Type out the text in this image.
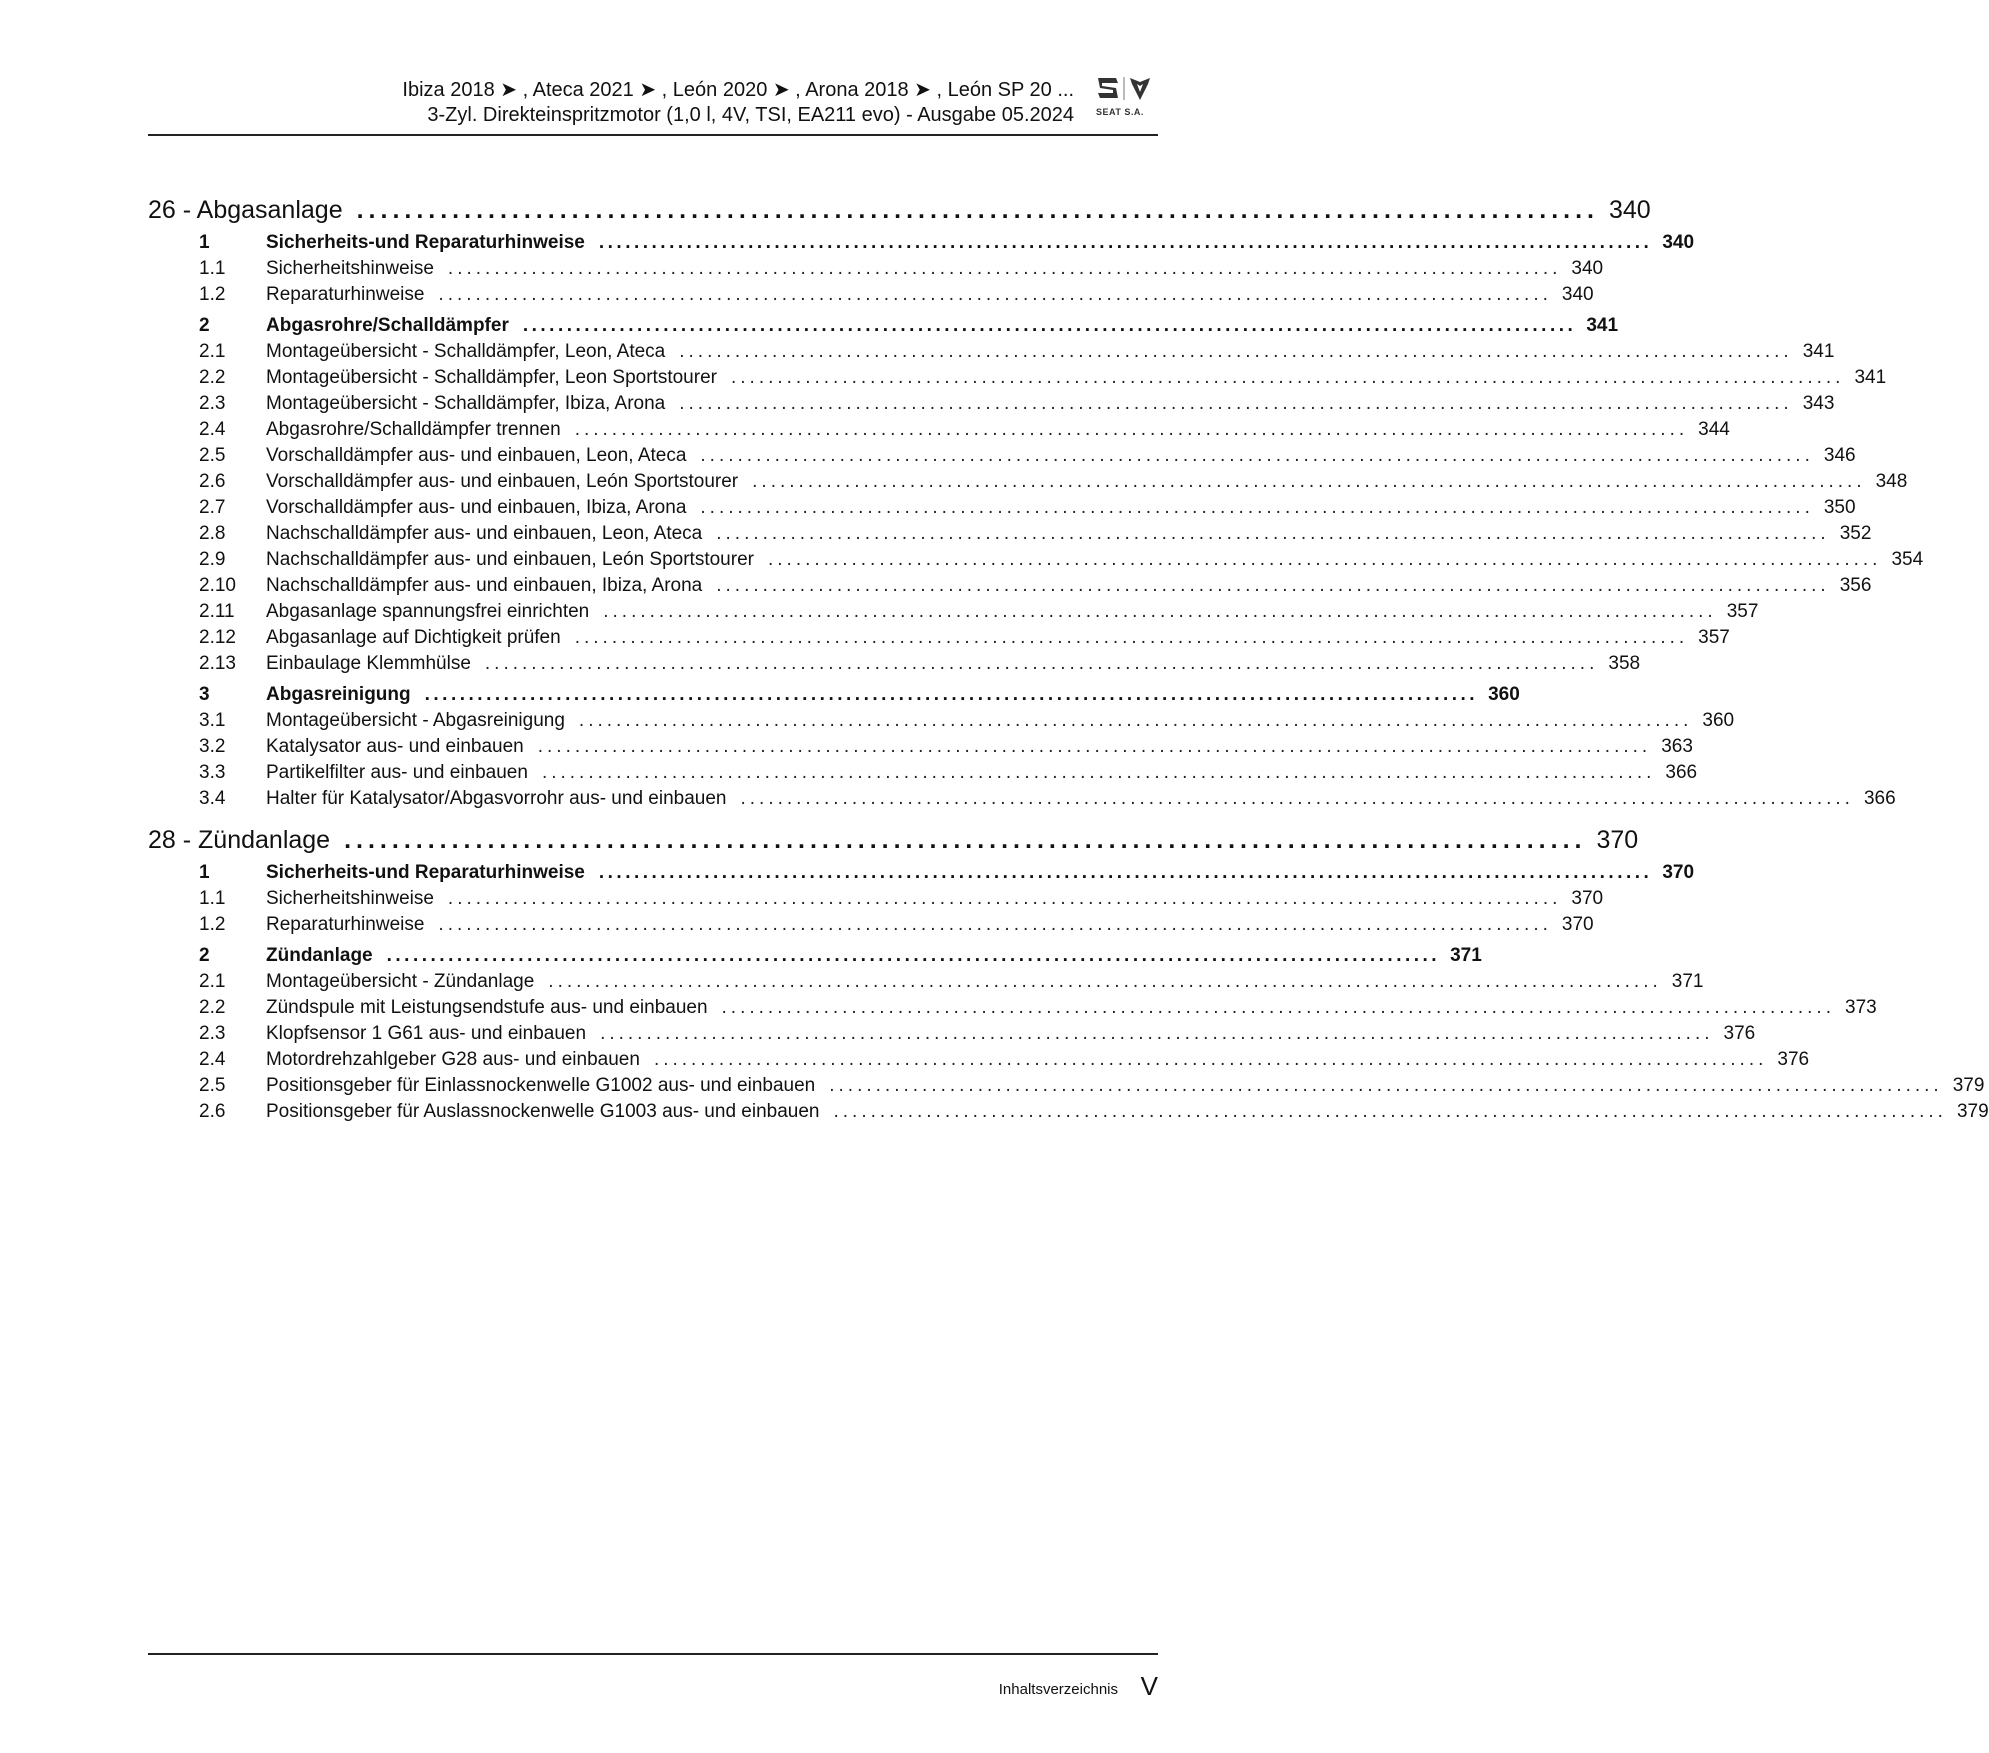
Ibiza 2018 ➤ , Ateca 2021 ➤ , León 2020 ➤ , Arona 2018 ➤ , León SP 20 ...
3-Zyl. Direkteinspritzmotor (1,0 l, 4V, TSI, EA211 evo) - Ausgabe 05.2024 SEAT S.A.
26 - Abgasanlage ........................................................................................................ 340
1	Sicherheits-und Reparaturhinweise ........................................................................................................................ 340
1.1	Sicherheitshinweise ........................................................................................................................ 340
1.2	Reparaturhinweise ........................................................................................................................ 340
2	Abgasrohre/Schalldämpfer ........................................................................................................................ 341
2.1	Montageübersicht - Schalldämpfer, Leon, Ateca ........................................................................................................................ 341
2.2	Montageübersicht - Schalldämpfer, Leon Sportstourer ........................................................................................................................ 341
2.3	Montageübersicht - Schalldämpfer, Ibiza, Arona ........................................................................................................................ 343
2.4	Abgasrohre/Schalldämpfer trennen ........................................................................................................................ 344
2.5	Vorschalldämpfer aus- und einbauen, Leon, Ateca ........................................................................................................................ 346
2.6	Vorschalldämpfer aus- und einbauen, León Sportstourer ........................................................................................................................ 348
2.7	Vorschalldämpfer aus- und einbauen, Ibiza, Arona ........................................................................................................................ 350
2.8	Nachschalldämpfer aus- und einbauen, Leon, Ateca ........................................................................................................................ 352
2.9	Nachschalldämpfer aus- und einbauen, León Sportstourer ........................................................................................................................ 354
2.10	Nachschalldämpfer aus- und einbauen, Ibiza, Arona ........................................................................................................................ 356
2.11	Abgasanlage spannungsfrei einrichten ........................................................................................................................ 357
2.12	Abgasanlage auf Dichtigkeit prüfen ........................................................................................................................ 357
2.13	Einbaulage Klemmhülse ........................................................................................................................ 358
3	Abgasreinigung ........................................................................................................................ 360
3.1	Montageübersicht - Abgasreinigung ........................................................................................................................ 360
3.2	Katalysator aus- und einbauen ........................................................................................................................ 363
3.3	Partikelfilter aus- und einbauen ........................................................................................................................ 366
3.4	Halter für Katalysator/Abgasvorrohr aus- und einbauen ........................................................................................................................ 366
28 - Zündanlage ........................................................................................................ 370
1	Sicherheits-und Reparaturhinweise ........................................................................................................................ 370
1.1	Sicherheitshinweise ........................................................................................................................ 370
1.2	Reparaturhinweise ........................................................................................................................ 370
2	Zündanlage ........................................................................................................................ 371
2.1	Montageübersicht - Zündanlage ........................................................................................................................ 371
2.2	Zündspule mit Leistungsendstufe aus- und einbauen ........................................................................................................................ 373
2.3	Klopfsensor 1 G61 aus- und einbauen ........................................................................................................................ 376
2.4	Motordrehzahlgeber G28 aus- und einbauen ........................................................................................................................ 376
2.5	Positionsgeber für Einlassnockenwelle G1002 aus- und einbauen ........................................................................................................................ 379
2.6	Positionsgeber für Auslassnockenwelle G1003 aus- und einbauen ........................................................................................................................ 379
Inhaltsverzeichnis V
